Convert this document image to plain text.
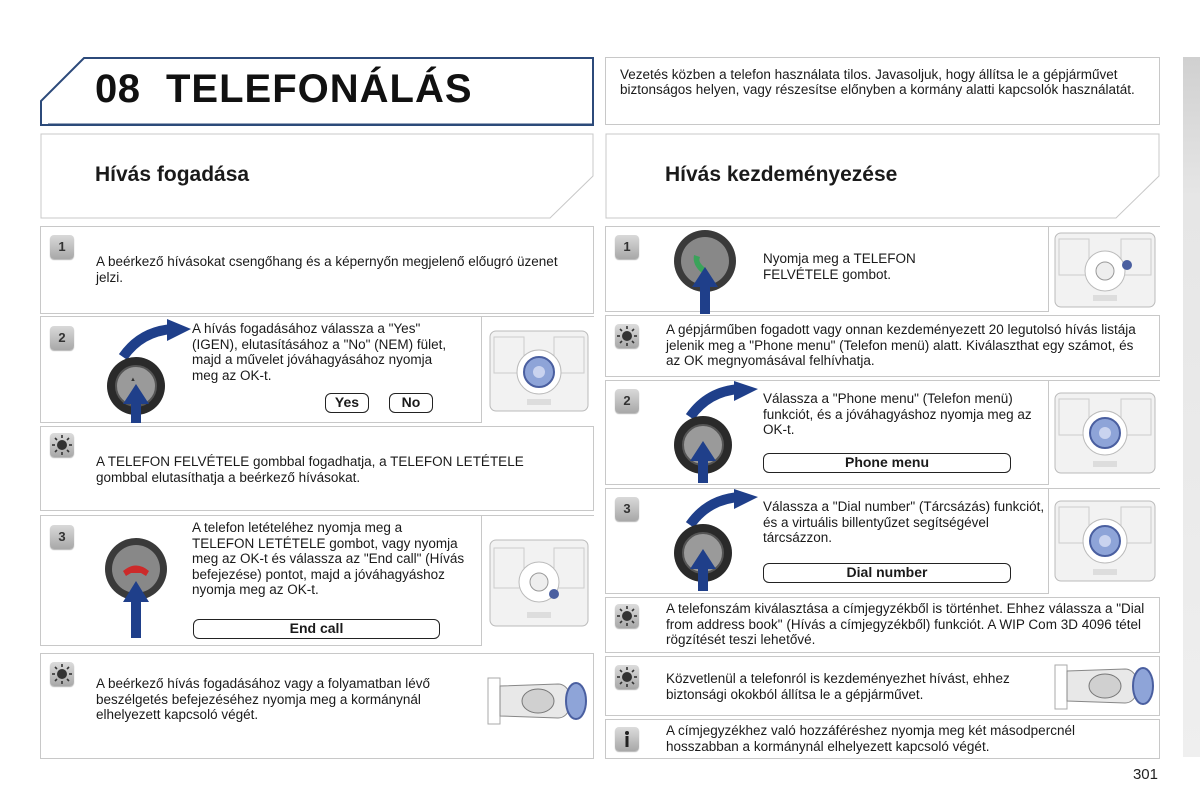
08 TELEFONÁLÁS	Vezetés közben a telefon használata tilos. Javasoljuk, hogy állítsa le a gépjárművet biztonságos helyen, vagy részesítse előnyben a kormány alatti kapcsolók használatát.
Hívás fogadása	Hívás kezdeményezése
1
A beérkező hívásokat csengőhang és a képernyőn megjelenő előugró üzenet jelzi.
2
▲
A hívás fogadásához válassza a "Yes" (IGEN), elutasításához a "No" (NEM) fület, majd a művelet jóváhagyásához nyomja meg az OK-t.
Yes	No
A TELEFON FELVÉTELE gombbal fogadhatja, a TELEFON LETÉTELE gombbal elutasíthatja a beérkező hívásokat.
3
A telefon letételéhez nyomja meg a TELEFON LETÉTELE gombot, vagy nyomja meg az OK-t és válassza az "End call" (Hívás befejezése) pontot, majd a jóváhagyáshoz nyomja meg az OK-t.
End call
A beérkező hívás fogadásához vagy a folyamatban lévő beszélgetés befejezéséhez nyomja meg a kormánynál elhelyezett kapcsoló végét.
1
Nyomja meg a TELEFON FELVÉTELE gombot.
A gépjárműben fogadott vagy onnan kezdeményezett 20 legutolsó hívás listája jelenik meg a "Phone menu" (Telefon menü) alatt. Kiválaszthat egy számot, és az OK megnyomásával felhívhatja.
2	Válassza a "Phone menu" (Telefon menü) funkciót, és a jóváhagyáshoz nyomja meg az OK-t.
Phone menu
3	Válassza a "Dial number" (Tárcsázás) funkciót, és a virtuális billentyűzet segítségével tárcsázzon.
Dial number
A telefonszám kiválasztása a címjegyzékből is történhet. Ehhez válassza a "Dial from address book" (Hívás a címjegyzékből) funkciót. A WIP Com 3D 4096 tétel rögzítését teszi lehetővé.
Közvetlenül a telefonról is kezdeményezhet hívást, ehhez biztonsági okokból állítsa le a gépjárművet.
A címjegyzékhez való hozzáféréshez nyomja meg két másodpercnél hosszabban a kormánynál elhelyezett kapcsoló végét.
301
